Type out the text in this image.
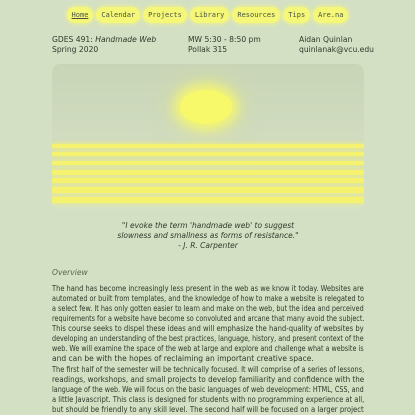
Home	Calendar	Projects	Library	Resources	Tips	Are.na
GDES 491: Handmade Web
Spring 2020
MW 5:30 - 8:50 pm
Pollak 315
Aidan Quinlan
quinlanak@vcu.edu
"I evoke the term 'handmade web' to suggest
slowness and smallness as forms of resistance."
- J. R. Carpenter
Overview
The hand has become increasingly less present in the web as we know it today. Websites are
automated or built from templates, and the knowledge of how to make a website is relegated to
a select few. It has only gotten easier to learn and make on the web, but the idea and perceived
requirements for a website have become so convoluted and arcane that many avoid the subject.
This course seeks to dispel these ideas and will emphasize the hand-quality of websites by
developing an understanding of the best practices, language, history, and present context of the
web. We will examine the space of the web at large and explore and challenge what a website is
and can be with the hopes of reclaiming an important creative space.
The first half of the semester will be technically focused. It will comprise of a series of lessons,
readings, workshops, and small projects to develop familiarity and confidence with the
language of the web. We will focus on the basic languages of web development: HTML, CSS, and
a little Javascript. This class is designed for students with no programming experience at all,
but should be friendly to any skill level. The second half will be focused on a larger project
